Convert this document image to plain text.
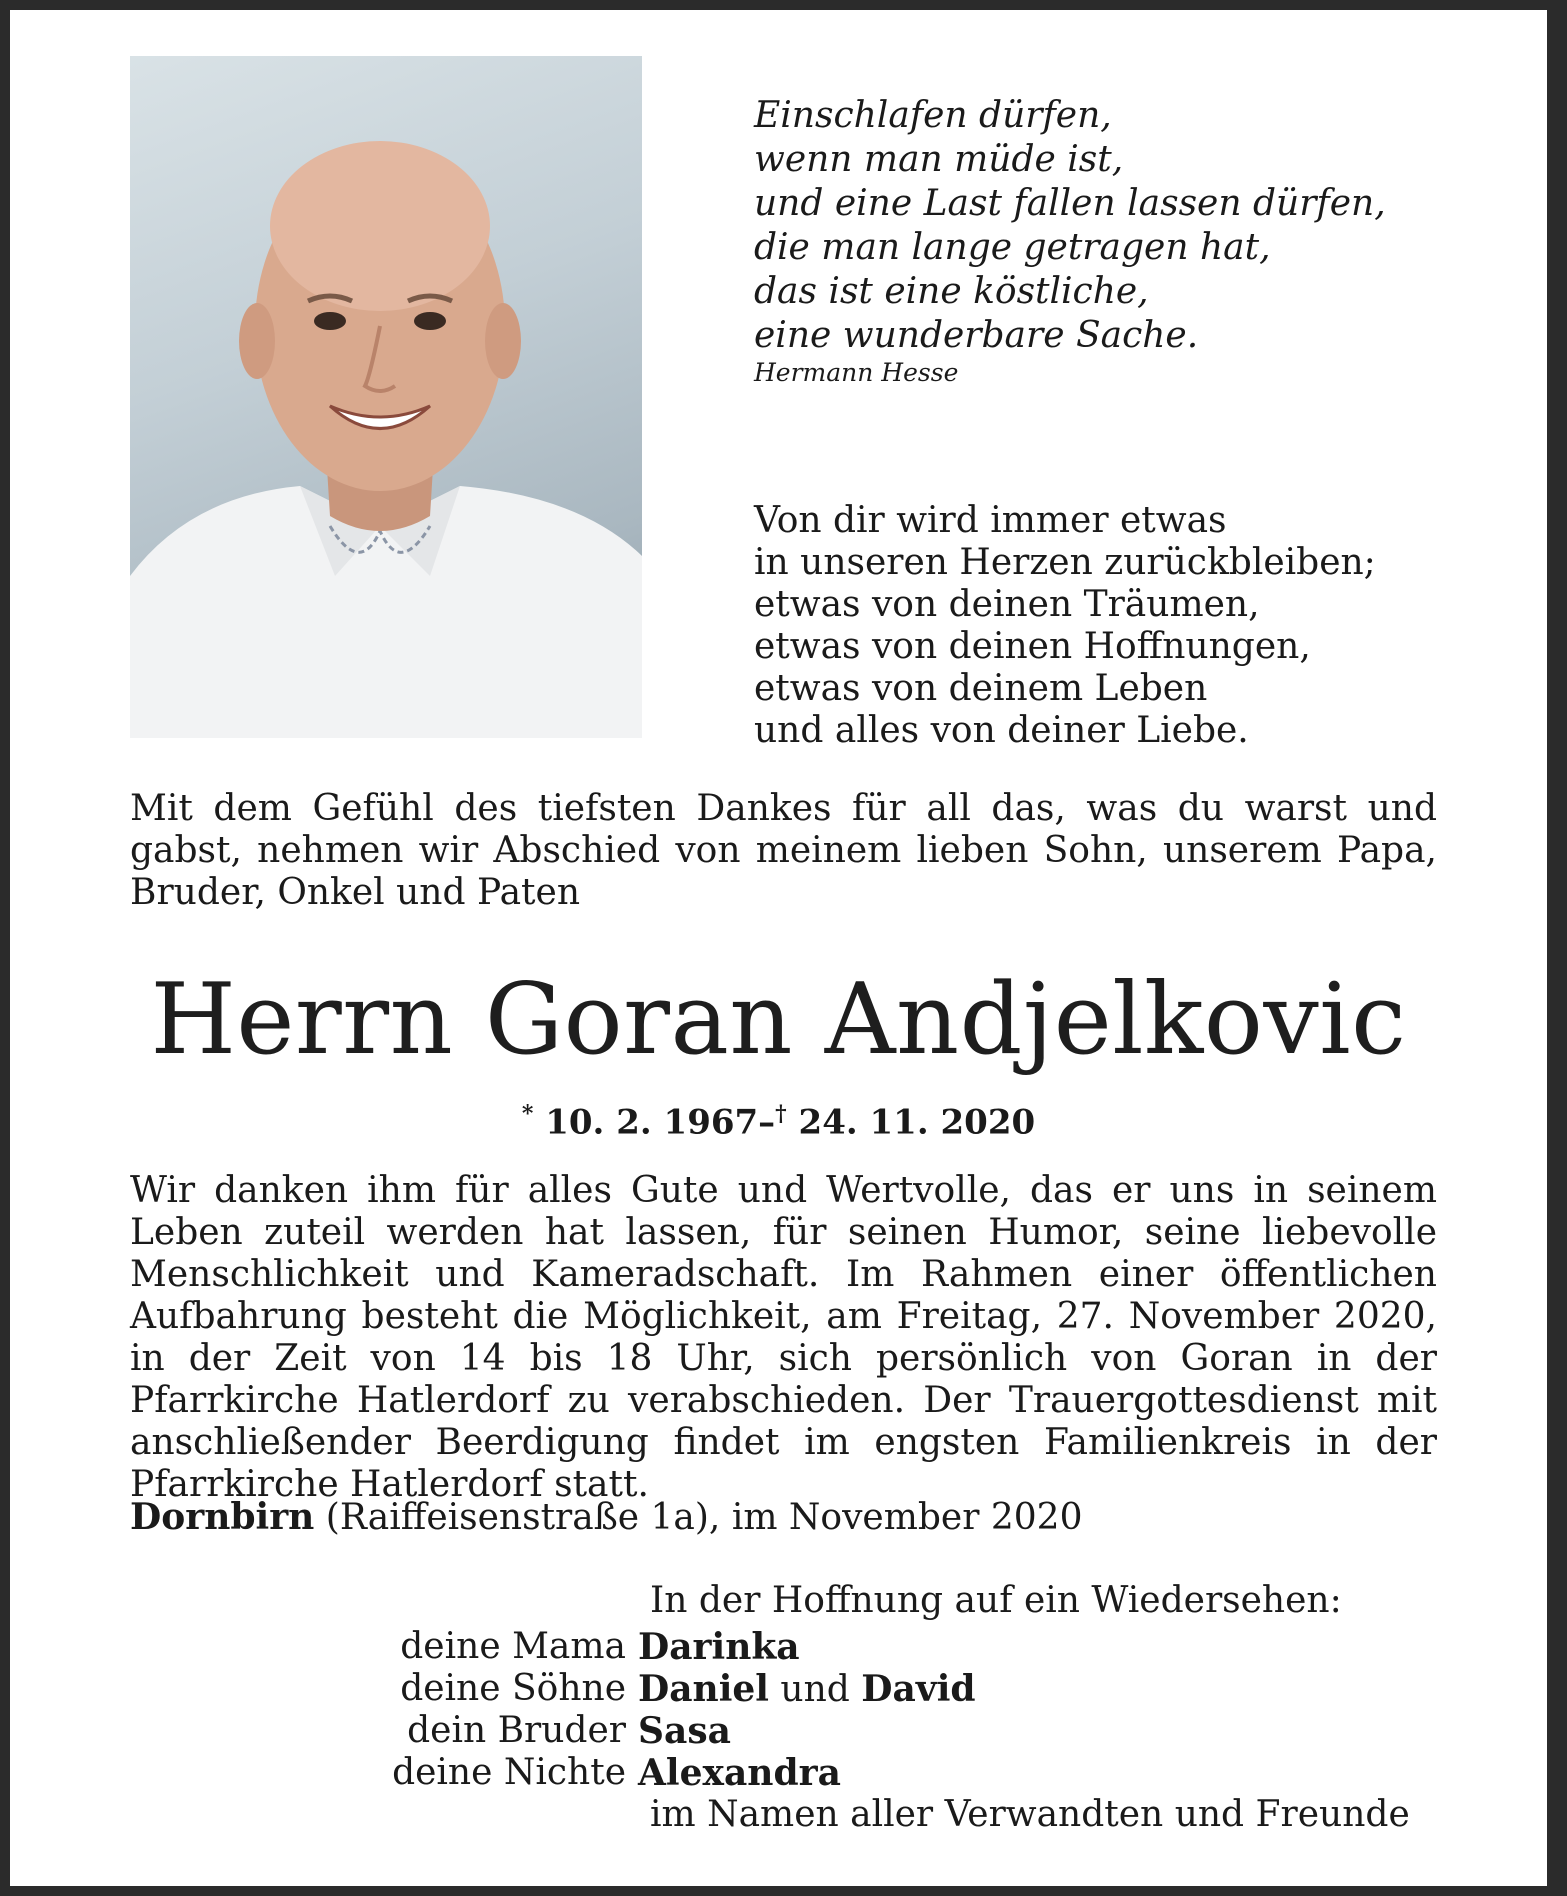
Einschlafen dürfen,
wenn man müde ist,
und eine Last fallen lassen dürfen,
die man lange getragen hat,
das ist eine köstliche,
eine wunderbare Sache.
Hermann Hesse
Von dir wird immer etwas
in unseren Herzen zurückbleiben;
etwas von deinen Träumen,
etwas von deinen Hoffnungen,
etwas von deinem Leben
und alles von deiner Liebe.

Mit dem Gefühl des tiefsten Dankes für all das, was du warst und gabst, nehmen wir Abschied von meinem lieben Sohn, unserem Papa, Bruder, Onkel und Paten

Herrn Goran Andjelkovic
* 10. 2. 1967–† 24. 11. 2020

Wir danken ihm für alles Gute und Wertvolle, das er uns in seinem Leben zuteil werden hat lassen, für seinen Humor, seine liebevolle Menschlichkeit und Kameradschaft. Im Rahmen einer öffentlichen Aufbahrung besteht die Möglichkeit, am Freitag, 27. November 2020, in der Zeit von 14 bis 18 Uhr, sich persönlich von Goran in der Pfarrkirche Hatlerdorf zu verabschieden. Der Trauergottesdienst mit anschließender Beerdigung findet im engsten Familienkreis in der Pfarrkirche Hatlerdorf statt.

Dornbirn (Raiffeisenstraße 1a), im November 2020
In der Hoffnung auf ein Wiedersehen:
deine Mama Darinka
deine Söhne Daniel und David
dein Bruder Sasa
deine Nichte Alexandra
im Namen aller Verwandten und Freunde
